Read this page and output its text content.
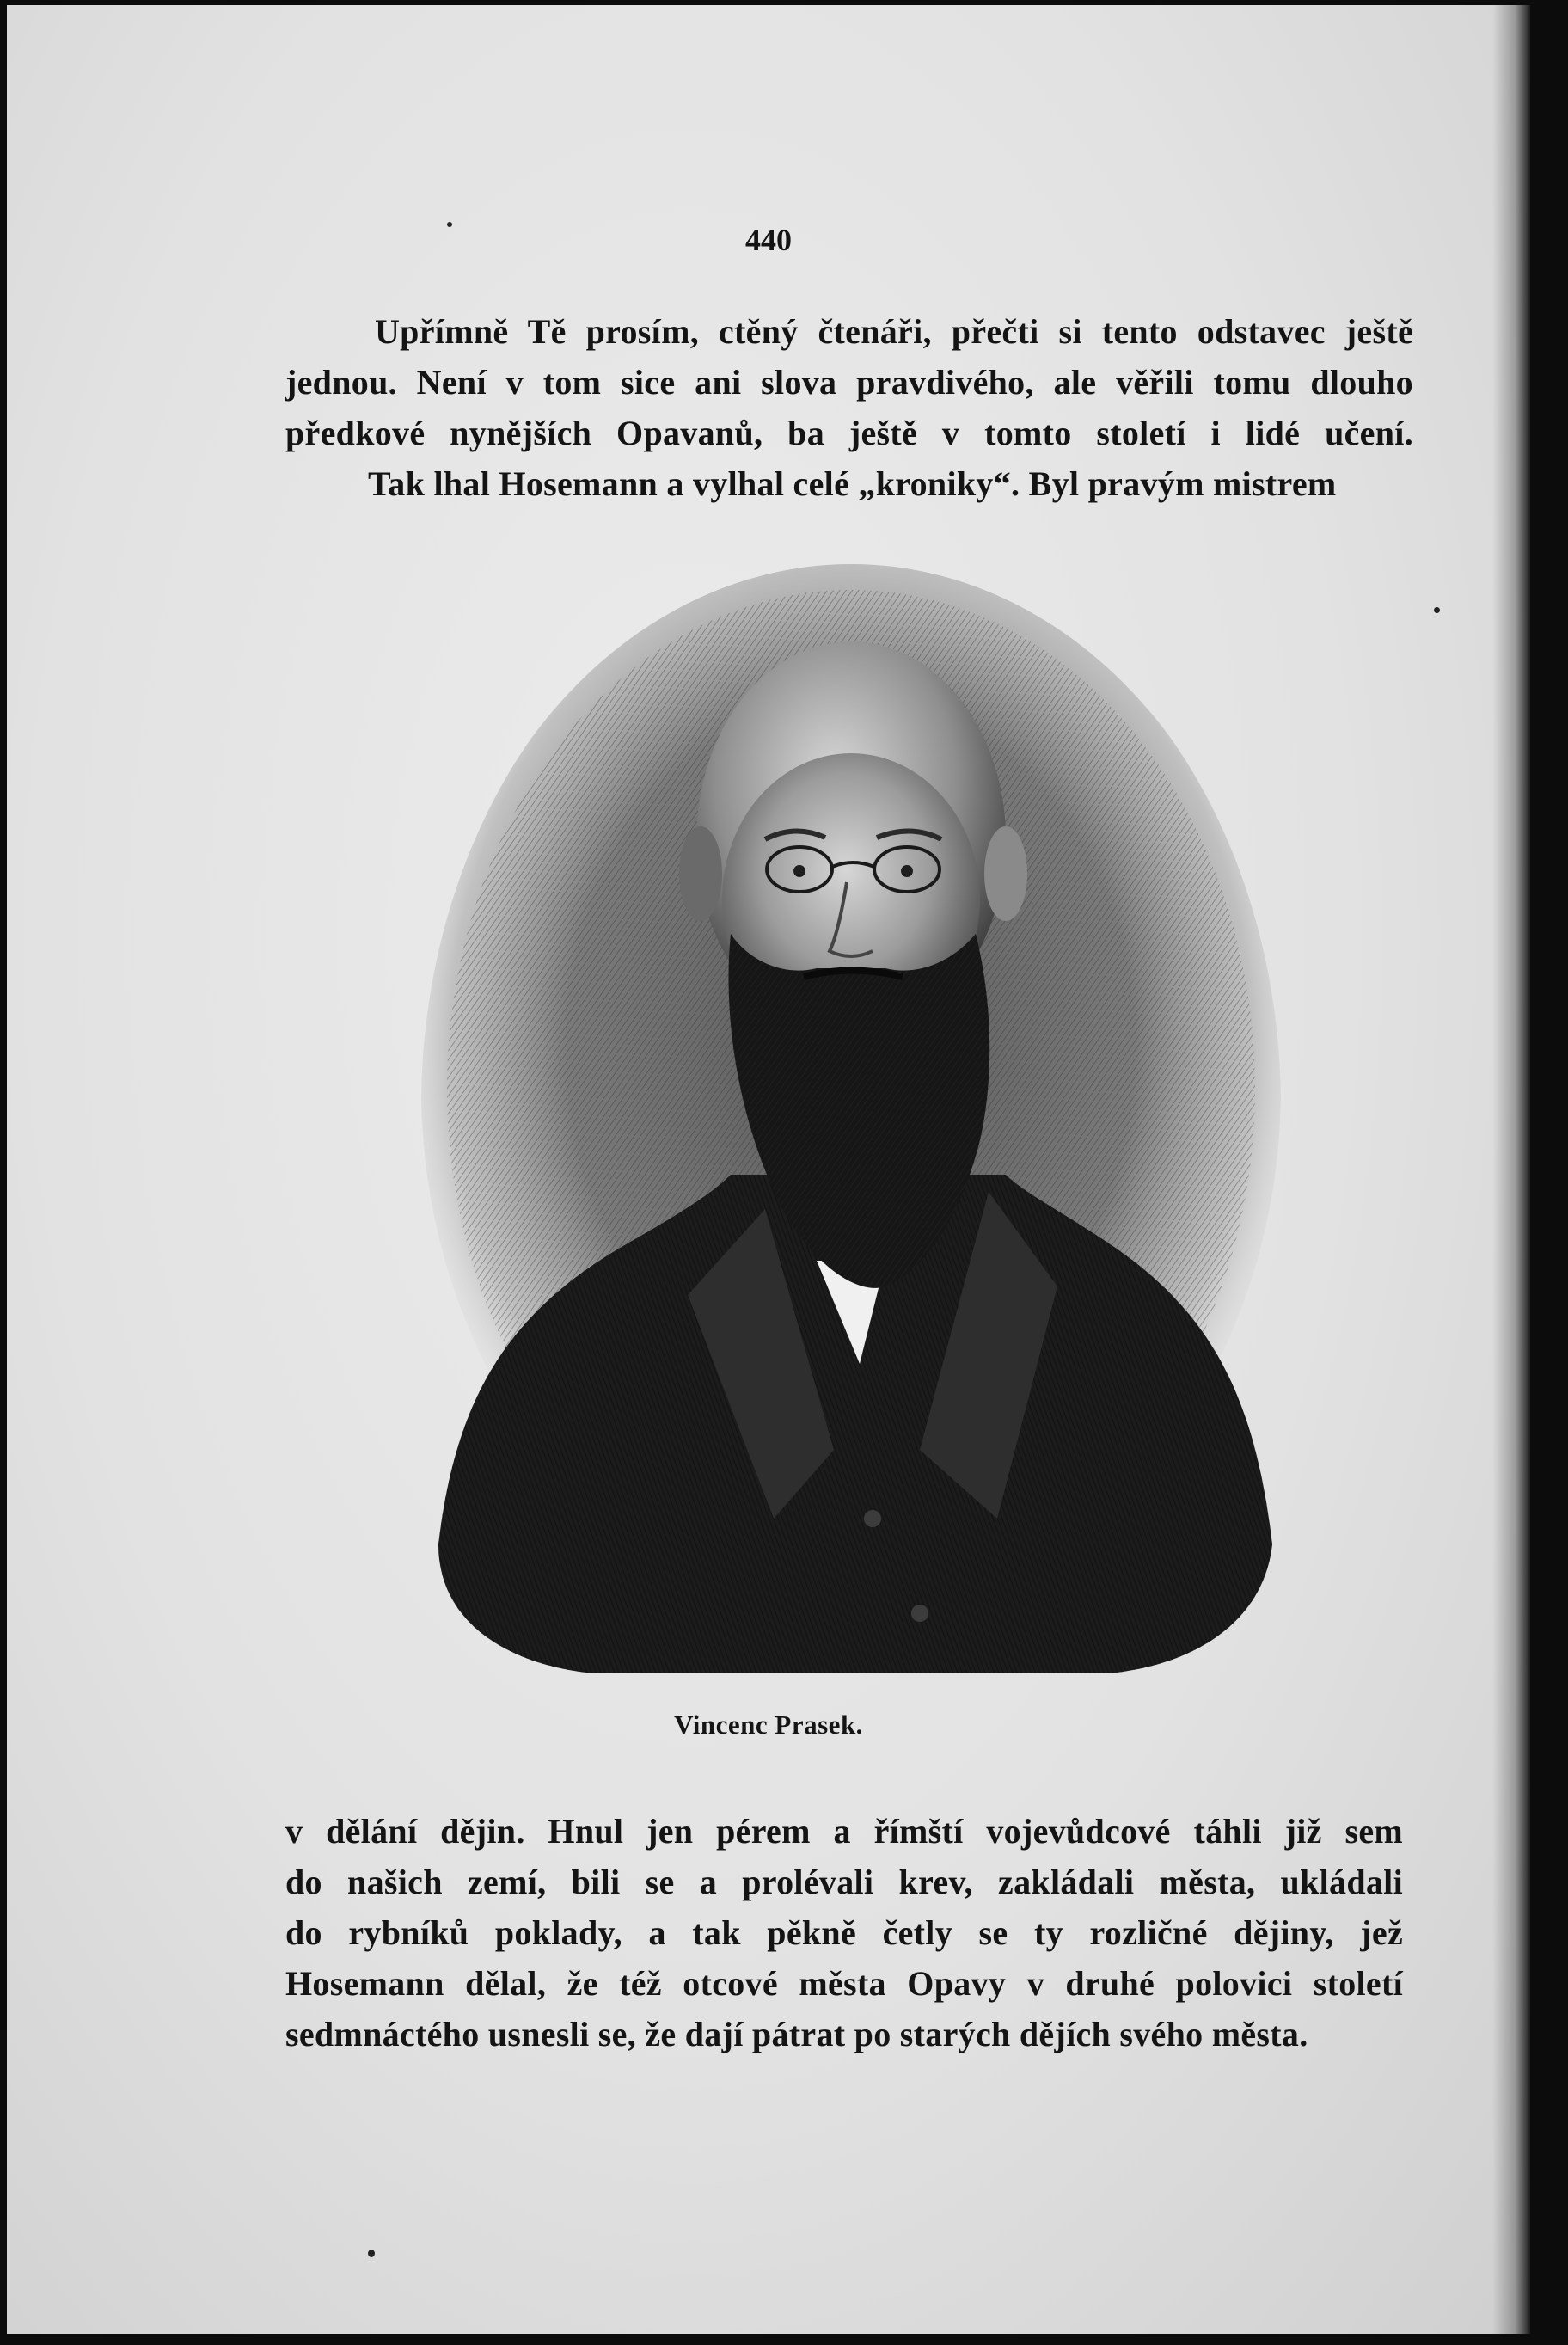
440
Upřímně Tě prosím, ctěný čtenáři, přečti si tento odstavec ještě
jednou. Není v tom sice ani slova pravdivého, ale věřili tomu dlouho
předkové nynějších Opavanů, ba ještě v tomto století i lidé učení.
Tak lhal Hosemann a vylhal celé „kroniky“. Byl pravým mistrem
Vincenc Prasek.
v dělání dějin. Hnul jen pérem a římští vojevůdcové táhli již sem
do našich zemí, bili se a prolévali krev, zakládali města, ukládali
do rybníků poklady, a tak pěkně četly se ty rozličné dějiny, jež
Hosemann dělal, že též otcové města Opavy v druhé polovici století
sedmnáctého usnesli se, že dají pátrat po starých dějích svého města.
